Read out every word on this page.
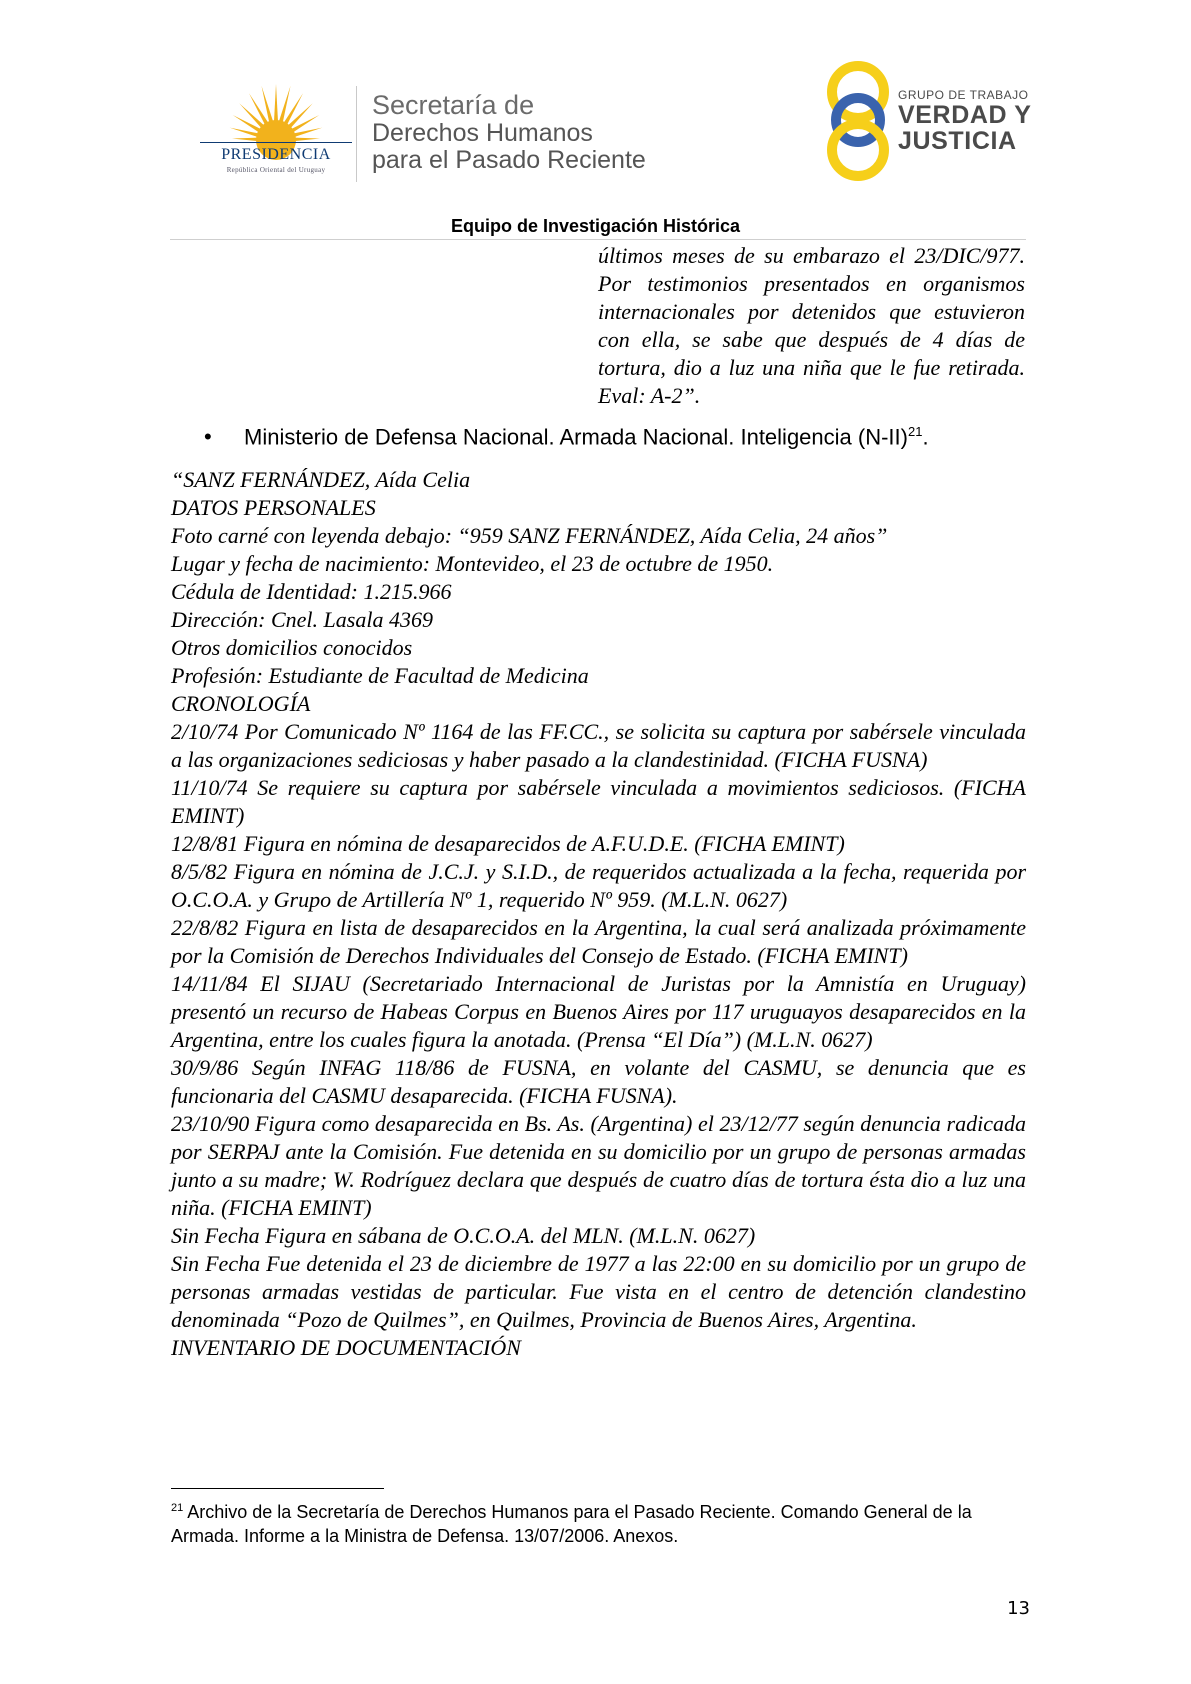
PRESIDENCIA
República Oriental del Uruguay
Secretaría de
Derechos Humanos
para el Pasado Reciente
GRUPO DE TRABAJO
VERDAD Y
JUSTICIA
Equipo de Investigación Histórica
últimos meses de su embarazo el 23/DIC/977. Por testimonios presentados en organismos internacionales por detenidos que estuvieron con ella, se sabe que después de 4 días de tortura, dio a luz una niña que le fue retirada. Eval: A-2”.
• Ministerio de Defensa Nacional. Armada Nacional. Inteligencia $(N-II)^{21}$.

“SANZ FERNÁNDEZ, Aída Celia

DATOS PERSONALES

Foto carné con leyenda debajo: “959 SANZ FERNÁNDEZ, Aída Celia, 24 años”

Lugar y fecha de nacimiento: Montevideo, el 23 de octubre de 1950.

Cédula de Identidad: 1.215.966

Dirección: Cnel. Lasala 4369

Otros domicilios conocidos

Profesión: Estudiante de Facultad de Medicina

CRONOLOGÍA

2/10/74 Por Comunicado Nº 1164 de las FF.CC., se solicita su captura por sabérsele vinculada a las organizaciones sediciosas y haber pasado a la clandestinidad. (FICHA FUSNA)

11/10/74 Se requiere su captura por sabérsele vinculada a movimientos sediciosos. (FICHA EMINT)

12/8/81 Figura en nómina de desaparecidos de A.F.U.D.E. (FICHA EMINT)

8/5/82 Figura en nómina de J.C.J. y S.I.D., de requeridos actualizada a la fecha, requerida por O.C.O.A. y Grupo de Artillería Nº 1, requerido Nº 959. (M.L.N. 0627)

22/8/82 Figura en lista de desaparecidos en la Argentina, la cual será analizada próximamente por la Comisión de Derechos Individuales del Consejo de Estado. (FICHA EMINT)

14/11/84 El SIJAU (Secretariado Internacional de Juristas por la Amnistía en Uruguay) presentó un recurso de Habeas Corpus en Buenos Aires por 117 uruguayos desaparecidos en la Argentina, entre los cuales figura la anotada. (Prensa “El Día”) (M.L.N. 0627)

30/9/86 Según INFAG 118/86 de FUSNA, en volante del CASMU, se denuncia que es funcionaria del CASMU desaparecida. (FICHA FUSNA).

23/10/90 Figura como desaparecida en Bs. As. (Argentina) el 23/12/77 según denuncia radicada por SERPAJ ante la Comisión. Fue detenida en su domicilio por un grupo de personas armadas junto a su madre; W. Rodríguez declara que después de cuatro días de tortura ésta dio a luz una niña. (FICHA EMINT)

Sin Fecha Figura en sábana de O.C.O.A. del MLN. (M.L.N. 0627)

Sin Fecha Fue detenida el 23 de diciembre de 1977 a las 22:00 en su domicilio por un grupo de personas armadas vestidas de particular. Fue vista en el centro de detención clandestino denominada “Pozo de Quilmes”, en Quilmes, Provincia de Buenos Aires, Argentina.

INVENTARIO DE DOCUMENTACIÓN

$^{21}$ Archivo de la Secretaría de Derechos Humanos para el Pasado Reciente. Comando General de la Armada. Informe a la Ministra de Defensa. 13/07/2006. Anexos.
13
